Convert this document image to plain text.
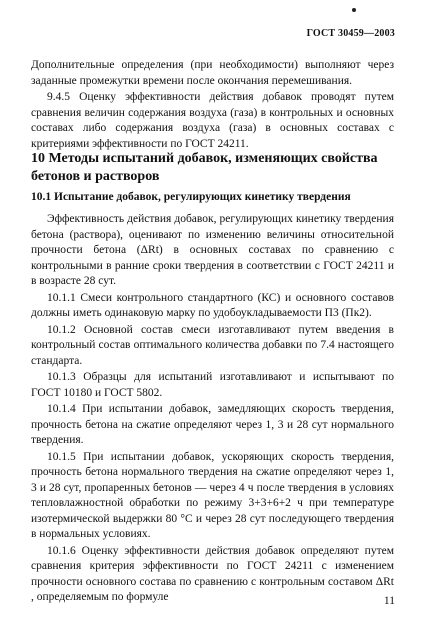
ГОСТ 30459—2003

Дополнительные определения (при необходимости) выполняют через заданные промежутки времени после окончания перемешивания.

9.4.5 Оценку эффективности действия добавок проводят путем сравнения величин содержания воздуха (газа) в контрольных и основных составах либо содержания воздуха (газа) в основных составах с критериями эффективности по ГОСТ 24211.

10 Методы испытаний добавок, изменяющих свойства бетонов и растворов
10.1 Испытание добавок, регулирующих кинетику твердения

Эффективность действия добавок, регулирующих кинетику твердения бетона (раствора), оценивают по изменению величины относительной прочности бетона (ΔRt) в основных составах по сравнению с контрольными в ранние сроки твердения в соответствии с ГОСТ 24211 и в возрасте 28 сут.

10.1.1 Смеси контрольного стандартного (КС) и основного составов должны иметь одинаковую марку по удобоукладываемости П3 (Пк2).

10.1.2 Основной состав смеси изготавливают путем введения в контрольный состав оптимального количества добавки по 7.4 настоящего стандарта.

10.1.3 Образцы для испытаний изготавливают и испытывают по ГОСТ 10180 и ГОСТ 5802.

10.1.4 При испытании добавок, замедляющих скорость твердения, прочность бетона на сжатие определяют через 1, 3 и 28 сут нормального твердения.

10.1.5 При испытании добавок, ускоряющих скорость твердения, прочность бетона нормального твердения на сжатие определяют через 1, 3 и 28 сут, пропаренных бетонов — через 4 ч после твердения в условиях тепловлажностной обработки по режиму 3+3+6+2 ч при температуре изотермической выдержки 80 °С и через 28 сут последующего твердения в нормальных условиях.

10.1.6 Оценку эффективности действия добавок определяют путем сравнения критерия эффективности по ГОСТ 24211 с изменением прочности основного состава по сравнению с контрольным составом ΔRt , определяемым по формуле	11
